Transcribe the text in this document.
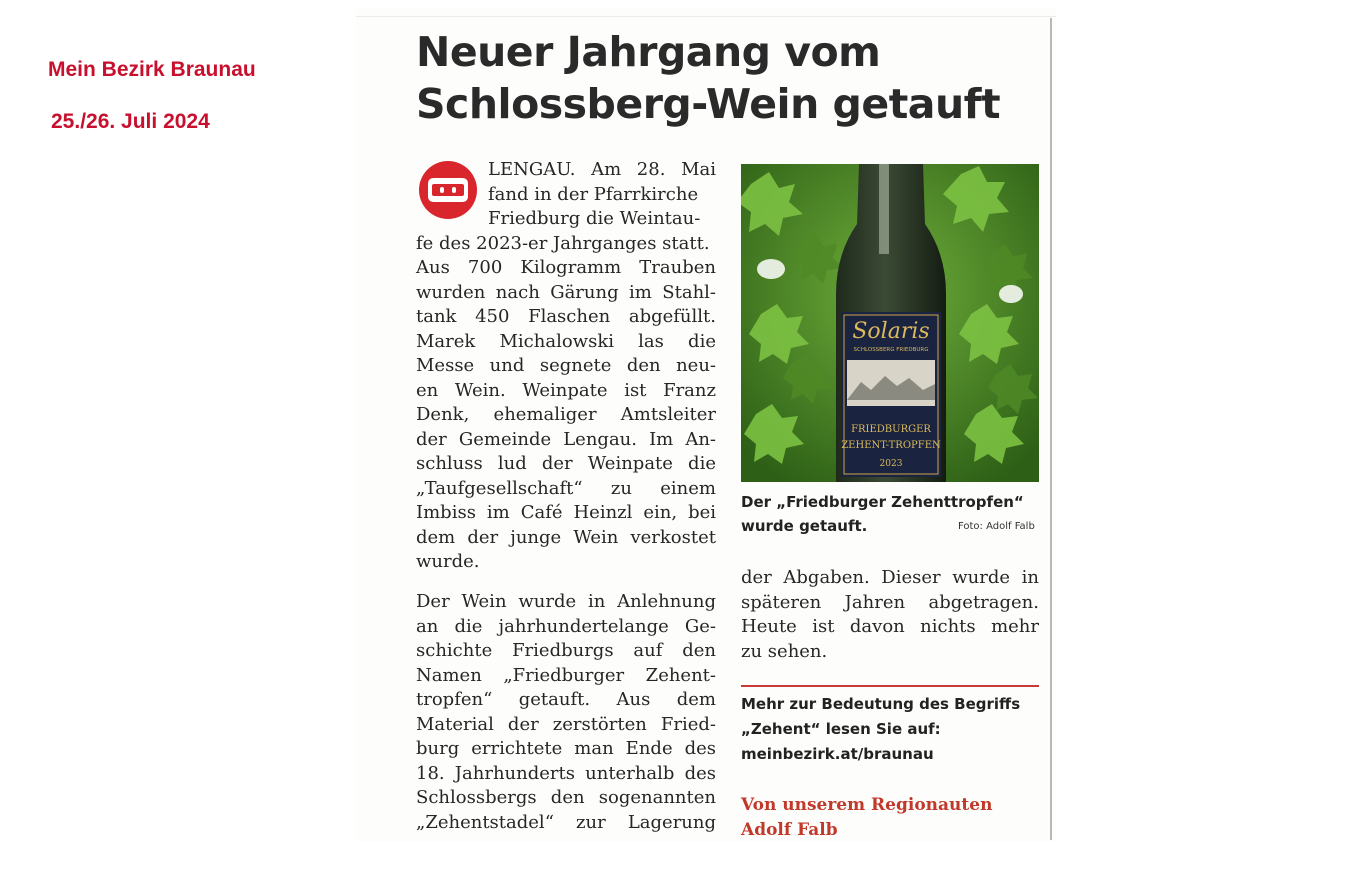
Mein Bezirk Braunau
25./26. Juli 2024
Neuer Jahrgang vom
Schlossberg-Wein getauft
LENGAU. Am 28. Mai
fand in der Pfarrkirche
Friedburg die Weintau-
fe des 2023-er Jahrganges statt.
Aus 700 Kilogramm Trauben
wurden nach Gärung im Stahl-
tank 450 Flaschen abgefüllt.
Marek Michalowski las die
Messe und segnete den neu-
en Wein. Weinpate ist Franz
Denk, ehemaliger Amtsleiter
der Gemeinde Lengau. Im An-
schluss lud der Weinpate die
„Taufgesellschaft“ zu einem
Imbiss im Café Heinzl ein, bei
dem der junge Wein verkostet
wurde.
Der Wein wurde in Anlehnung
an die jahrhundertelange Ge-
schichte Friedburgs auf den
Namen „Friedburger Zehent-
tropfen“ getauft. Aus dem
Material der zerstörten Fried-
burg errichtete man Ende des
18. Jahrhunderts unterhalb des
Schlossbergs den sogenannten
„Zehentstadel“ zur Lagerung
Solaris
SCHLOSSBERG FRIEDBURG
FRIEDBURGER
ZEHENT-TROPFEN
2023
Der „Friedburger Zehenttropfen“
wurde getauft.	Foto: Adolf Falb
der Abgaben. Dieser wurde in
späteren Jahren abgetragen.
Heute ist davon nichts mehr
zu sehen.
Mehr zur Bedeutung des Begriffs
„Zehent“ lesen Sie auf:
meinbezirk.at/braunau
Von unserem Regionauten
Adolf Falb
